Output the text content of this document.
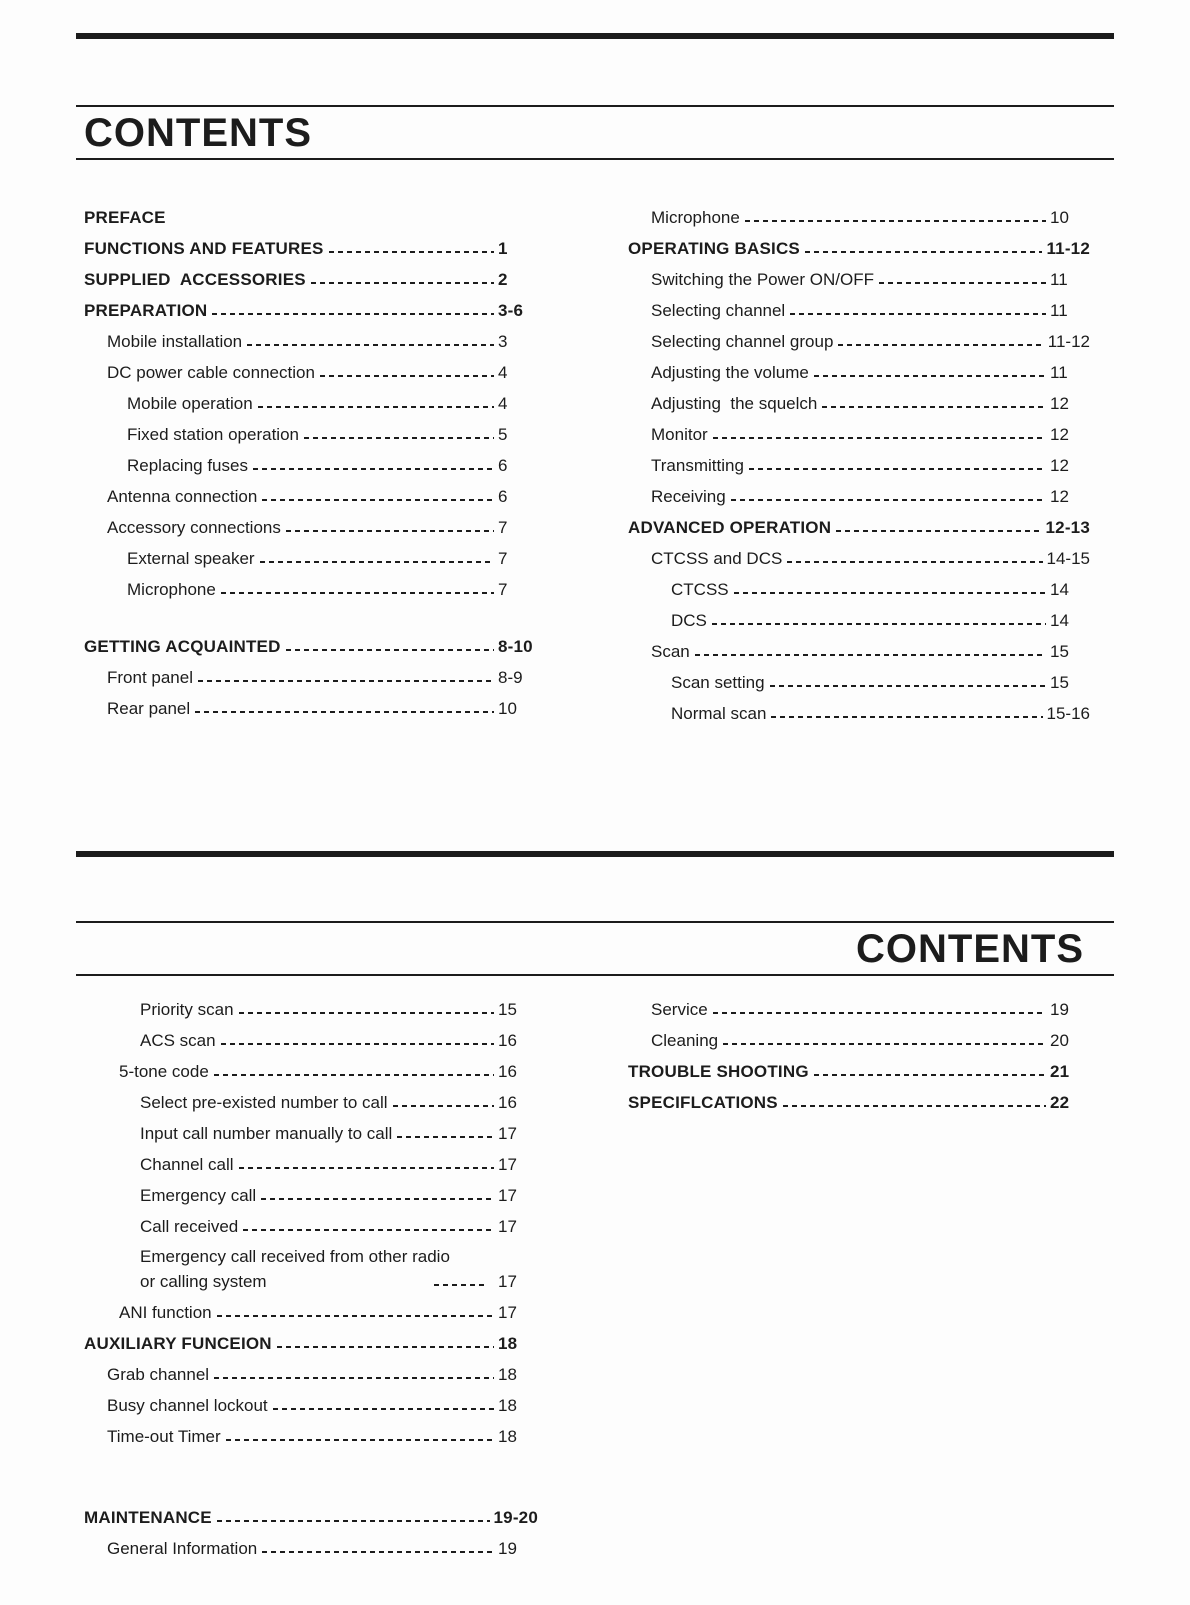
CONTENTS
PREFACE
FUNCTIONS AND FEATURES	1
SUPPLIED  ACCESSORIES	2
PREPARATION	3-6
Mobile installation	3
DC power cable connection	4
Mobile operation	4
Fixed station operation	5
Replacing fuses	6
Antenna connection	6
Accessory connections	7
External speaker	7
Microphone	7
GETTING ACQUAINTED	8-10
Front panel	8-9
Rear panel	10
Microphone	10
OPERATING BASICS	11-12
Switching the Power ON/OFF	11
Selecting channel	11
Selecting channel group	11-12
Adjusting the volume	11
Adjusting  the squelch	12
Monitor	12
Transmitting	12
Receiving	12
ADVANCED OPERATION	12-13
CTCSS and DCS	14-15
CTCSS	14
DCS	14
Scan	15
Scan setting	15
Normal scan	15-16
CONTENTS
Priority scan	15
ACS scan	16
5-tone code	16
Select pre-existed number to call	16
Input call number manually to call	17
Channel call	17
Emergency call	17
Call received	17
Emergency call received from other radio
or calling system	17
ANI function	17
AUXILIARY FUNCEION	18
Grab channel	18
Busy channel lockout	18
Time-out Timer	18
MAINTENANCE	19-20
General Information	19
Service	19
Cleaning	20
TROUBLE SHOOTING	21
SPECIFLCATIONS	22
